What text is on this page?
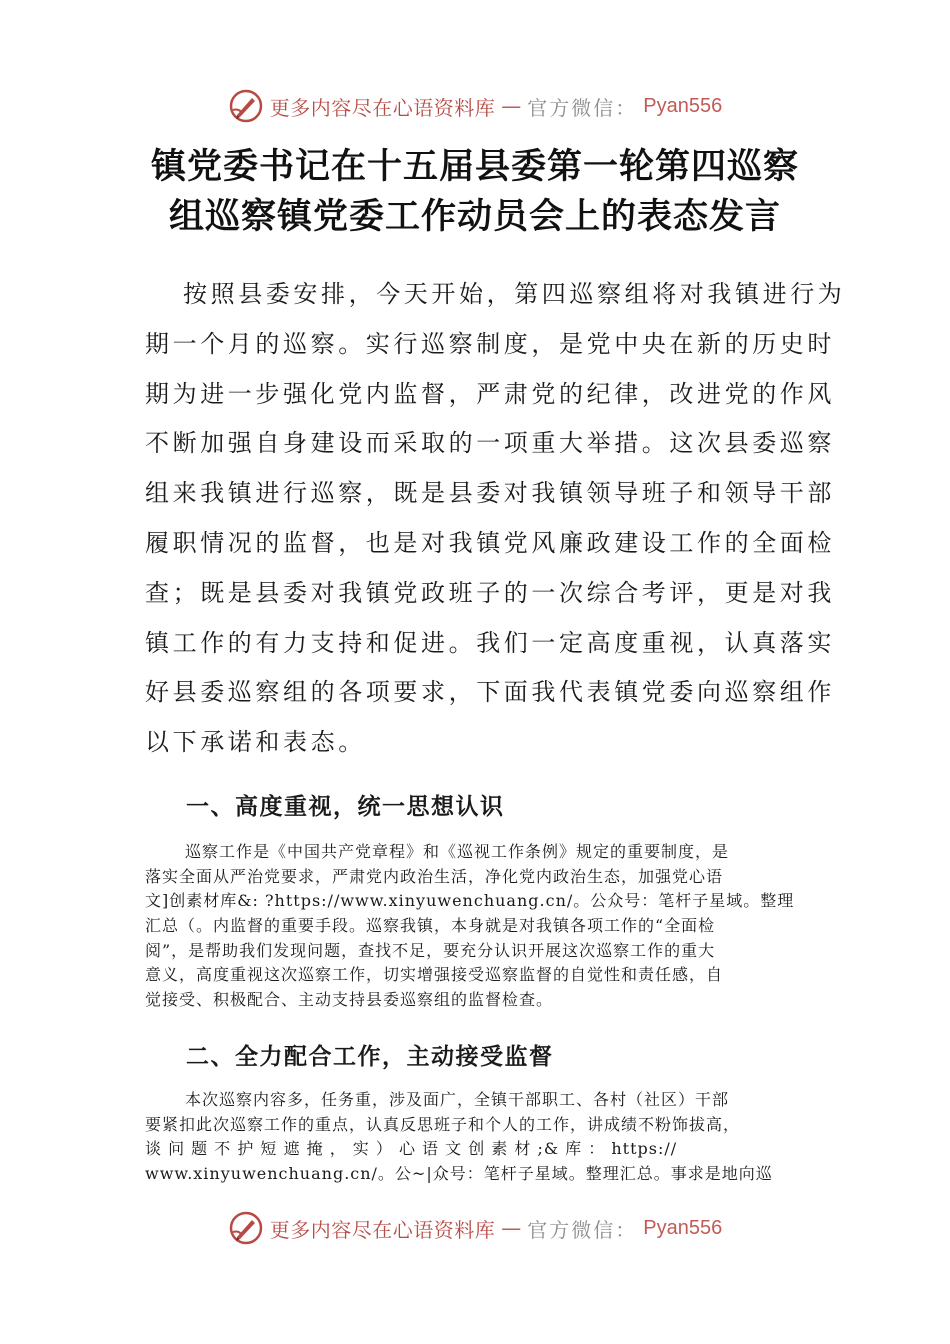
更多内容尽在心语资料库 — 官方微信： Pyan556
镇党委书记在十五届县委第一轮第四巡察
组巡察镇党委工作动员会上的表态发言
按照县委安排，今天开始，第四巡察组将对我镇进行为
期一个月的巡察。实行巡察制度，是党中央在新的历史时
期为进一步强化党内监督，严肃党的纪律，改进党的作风
不断加强自身建设而采取的一项重大举措。这次县委巡察
组来我镇进行巡察，既是县委对我镇领导班子和领导干部
履职情况的监督，也是对我镇党风廉政建设工作的全面检
查；既是县委对我镇党政班子的一次综合考评，更是对我
镇工作的有力支持和促进。我们一定高度重视，认真落实
好县委巡察组的各项要求，下面我代表镇党委向巡察组作
以下承诺和表态。
一、高度重视，统一思想认识
巡察工作是《中国共产党章程》和《巡视工作条例》规定的重要制度，是
落实全面从严治党要求，严肃党内政治生活，净化党内政治生态，加强党心语
文]创素材库&: ?https://www.xinyuwenchuang.cn/。公众号：笔杆子星域。整理
汇总（。内监督的重要手段。巡察我镇，本身就是对我镇各项工作的“全面检
阅”，是帮助我们发现问题，查找不足，要充分认识开展这次巡察工作的重大
意义，高度重视这次巡察工作，切实增强接受巡察监督的自觉性和责任感，自
觉接受、积极配合、主动支持县委巡察组的监督检查。
二、全力配合工作，主动接受监督
本次巡察内容多，任务重，涉及面广，全镇干部职工、各村（社区）干部
要紧扣此次巡察工作的重点，认真反思班子和个人的工作，讲成绩不粉饰拔高，
谈 问 题 不 护 短 遮 掩 ， 实 ） 心 语 文 创 素 材 ;& 库 ： https://
www.xinyuwenchuang.cn/。公~|众号：笔杆子星域。整理汇总。事求是地向巡
更多内容尽在心语资料库 — 官方微信： Pyan556
